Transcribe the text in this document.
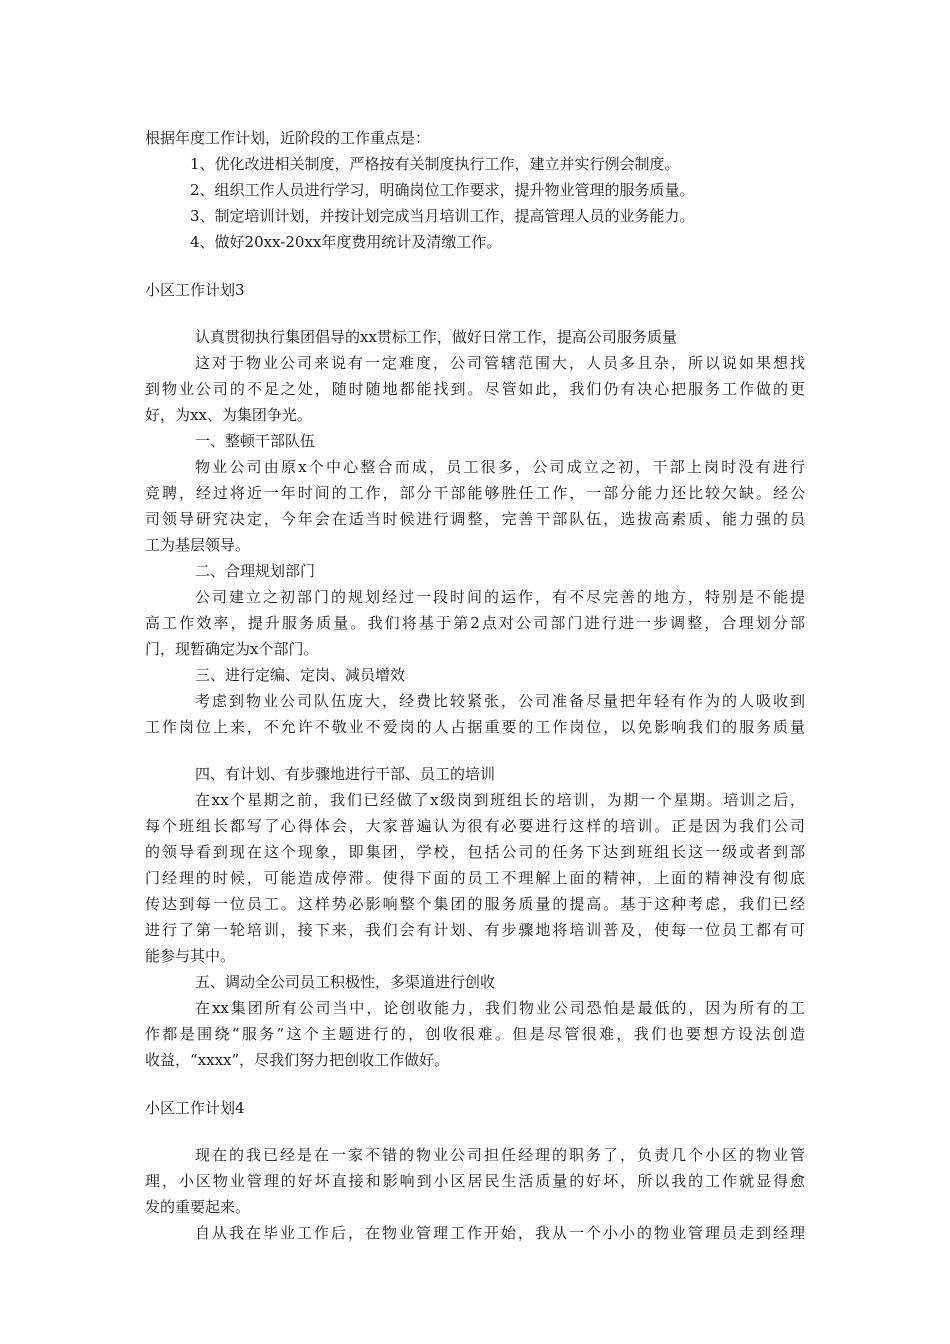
根据年度工作计划，近阶段的工作重点是：

1、优化改进相关制度，严格按有关制度执行工作，建立并实行例会制度。

2、组织工作人员进行学习，明确岗位工作要求，提升物业管理的服务质量。

3、制定培训计划，并按计划完成当月培训工作，提高管理人员的业务能力。

4、做好20xx-20xx年度费用统计及清缴工作。

小区工作计划3

认真贯彻执行集团倡导的xx贯标工作，做好日常工作，提高公司服务质量

这对于物业公司来说有一定难度，公司管辖范围大，人员多且杂，所以说如果想找

到物业公司的不足之处，随时随地都能找到。尽管如此，我们仍有决心把服务工作做的更

好，为xx、为集团争光。

一、整顿干部队伍

物业公司由原x个中心整合而成，员工很多，公司成立之初，干部上岗时没有进行

竞聘，经过将近一年时间的工作，部分干部能够胜任工作，一部分能力还比较欠缺。经公

司领导研究决定，今年会在适当时候进行调整，完善干部队伍，选拔高素质、能力强的员

工为基层领导。

二、合理规划部门

公司建立之初部门的规划经过一段时间的运作，有不尽完善的地方，特别是不能提

高工作效率，提升服务质量。我们将基于第2点对公司部门进行进一步调整，合理划分部

门，现暂确定为x个部门。

三、进行定编、定岗、减员增效

考虑到物业公司队伍庞大，经费比较紧张，公司准备尽量把年轻有作为的人吸收到

工作岗位上来，不允许不敬业不爱岗的人占据重要的工作岗位，以免影响我们的服务质量

四、有计划、有步骤地进行干部、员工的培训

在xx个星期之前，我们已经做了x级岗到班组长的培训，为期一个星期。培训之后，

每个班组长都写了心得体会，大家普遍认为很有必要进行这样的培训。正是因为我们公司

的领导看到现在这个现象，即集团，学校，包括公司的任务下达到班组长这一级或者到部

门经理的时候，可能造成停滞。使得下面的员工不理解上面的精神，上面的精神没有彻底

传达到每一位员工。这样势必影响整个集团的服务质量的提高。基于这种考虑，我们已经

进行了第一轮培训，接下来，我们会有计划、有步骤地将培训普及，使每一位员工都有可

能参与其中。

五、调动全公司员工积极性，多渠道进行创收

在xx集团所有公司当中，论创收能力，我们物业公司恐怕是最低的，因为所有的工

作都是围绕“服务”这个主题进行的，创收很难。但是尽管很难，我们也要想方设法创造

收益，“xxxx”，尽我们努力把创收工作做好。

小区工作计划4

现在的我已经是在一家不错的物业公司担任经理的职务了，负责几个小区的物业管

理，小区物业管理的好坏直接和影响到小区居民生活质量的好坏，所以我的工作就显得愈

发的重要起来。

自从我在毕业工作后，在物业管理工作开始，我从一个小小的物业管理员走到经理
